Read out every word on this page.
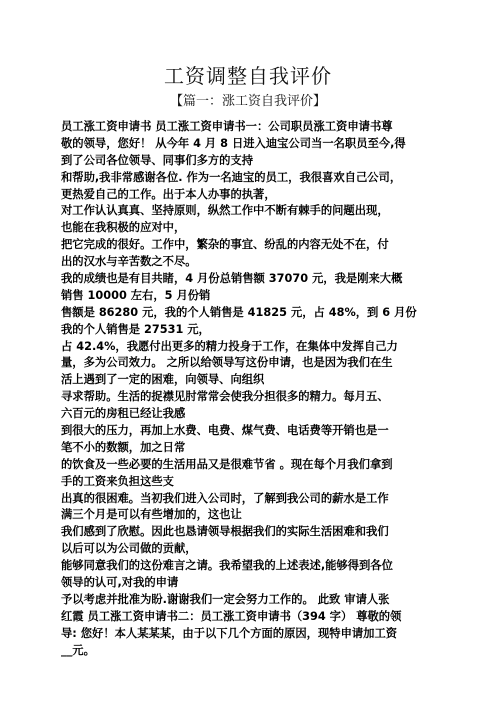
工资调整自我评价
【篇一：涨工资自我评价】
员工涨工资申请书 员工涨工资申请书一：公司职员涨工资申请书尊
敬的领导，您好！ 从今年 4 月 8 日进入迪宝公司当一名职员至今,得
到了公司各位领导、同事们多方的支持
和帮助,我非常感谢各位. 作为一名迪宝的员工，我很喜欢自己公司，
更热爱自己的工作。出于本人办事的执著，
对工作认认真真、坚持原则，纵然工作中不断有棘手的问题出现，
也能在我积极的应对中，
把它完成的很好。工作中，繁杂的事宜、纷乱的内容无处不在，付
出的汉水与辛苦数之不尽。
我的成绩也是有目共睹，4 月份总销售额 37070 元，我是刚来大概
销售 10000 左右，5 月份销
售额是 86280 元，我的个人销售是 41825 元，占 48%，到 6 月份
我的个人销售是 27531 元，
占 42.4%，我愿付出更多的精力投身于工作，在集体中发挥自己力
量，多为公司效力。 之所以给领导写这份申请，也是因为我们在生
活上遇到了一定的困难，向领导、向组织
寻求帮助。生活的捉襟见肘常常会使我分担很多的精力。每月五、
六百元的房租已经让我感
到很大的压力，再加上水费、电费、煤气费、电话费等开销也是一
笔不小的数额，加之日常
的饮食及一些必要的生活用品又是很难节省 。现在每个月我们拿到
手的工资来负担这些支
出真的很困难。当初我们进入公司时，了解到我公司的薪水是工作
满三个月是可以有些增加的，这也让
我们感到了欣慰。因此也恳请领导根据我们的实际生活困难和我们
以后可以为公司做的贡献，
能够同意我们的这份难言之请。我希望我的上述表述,能够得到各位
领导的认可,对我的申请
予以考虑并批准为盼.谢谢我们一定会努力工作的。 此致 审请人张
红霞 员工涨工资申请书二：员工涨工资申请书（394 字） 尊敬的领
导: 您好！本人某某某，由于以下几个方面的原因，现特申请加工资
__元。
